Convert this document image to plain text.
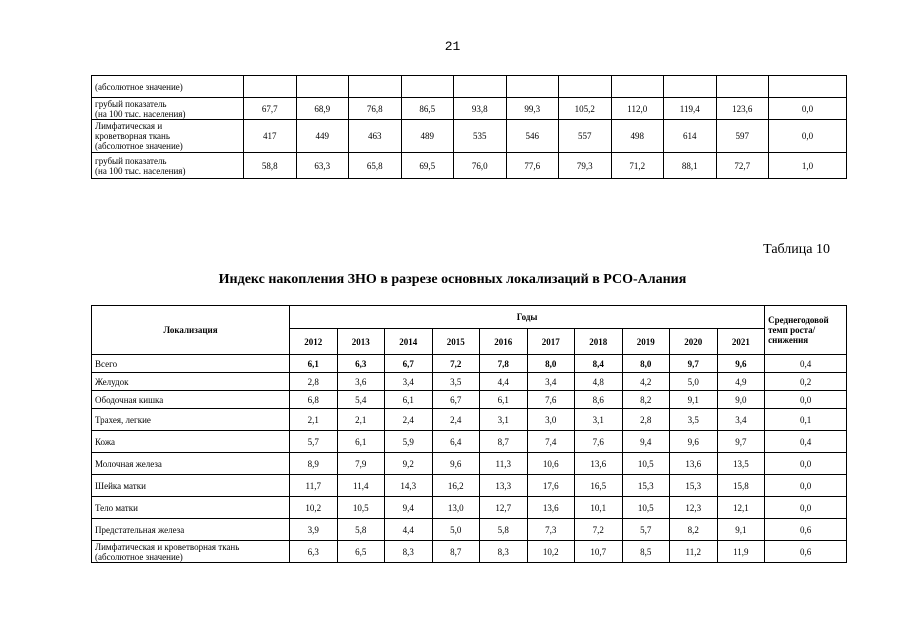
21
(абсолютное значение)											
грубый показатель
(на 100 тыс. населения)	67,7	68,9	76,8	86,5	93,8	99,3	105,2	112,0	119,4	123,6	0,0
Лимфатическая и
кроветворная ткань
(абсолютное значение)	417	449	463	489	535	546	557	498	614	597	0,0
грубый показатель
(на 100 тыс. населения)	58,8	63,3	65,8	69,5	76,0	77,6	79,3	71,2	88,1	72,7	1,0
Таблица 10
Индекс накопления ЗНО в разрезе основных локализаций в РСО-Алания
Локализация	Годы										Среднегодовой темп роста/ снижения
	2012	2013	2014	2015	2016	2017	2018	2019	2020	2021	
Всего	6,1	6,3	6,7	7,2	7,8	8,0	8,4	8,0	9,7	9,6	0,4
Желудок	2,8	3,6	3,4	3,5	4,4	3,4	4,8	4,2	5,0	4,9	0,2
Ободочная кишка	6,8	5,4	6,1	6,7	6,1	7,6	8,6	8,2	9,1	9,0	0,0
Трахея, легкие	2,1	2,1	2,4	2,4	3,1	3,0	3,1	2,8	3,5	3,4	0,1
Кожа	5,7	6,1	5,9	6,4	8,7	7,4	7,6	9,4	9,6	9,7	0,4
Молочная железа	8,9	7,9	9,2	9,6	11,3	10,6	13,6	10,5	13,6	13,5	0,0
Шейка матки	11,7	11,4	14,3	16,2	13,3	17,6	16,5	15,3	15,3	15,8	0,0
Тело матки	10,2	10,5	9,4	13,0	12,7	13,6	10,1	10,5	12,3	12,1	0,0
Предстательная железа	3,9	5,8	4,4	5,0	5,8	7,3	7,2	5,7	8,2	9,1	0,6
Лимфатическая и кроветворная ткань
(абсолютное значение)	6,3	6,5	8,3	8,7	8,3	10,2	10,7	8,5	11,2	11,9	0,6
